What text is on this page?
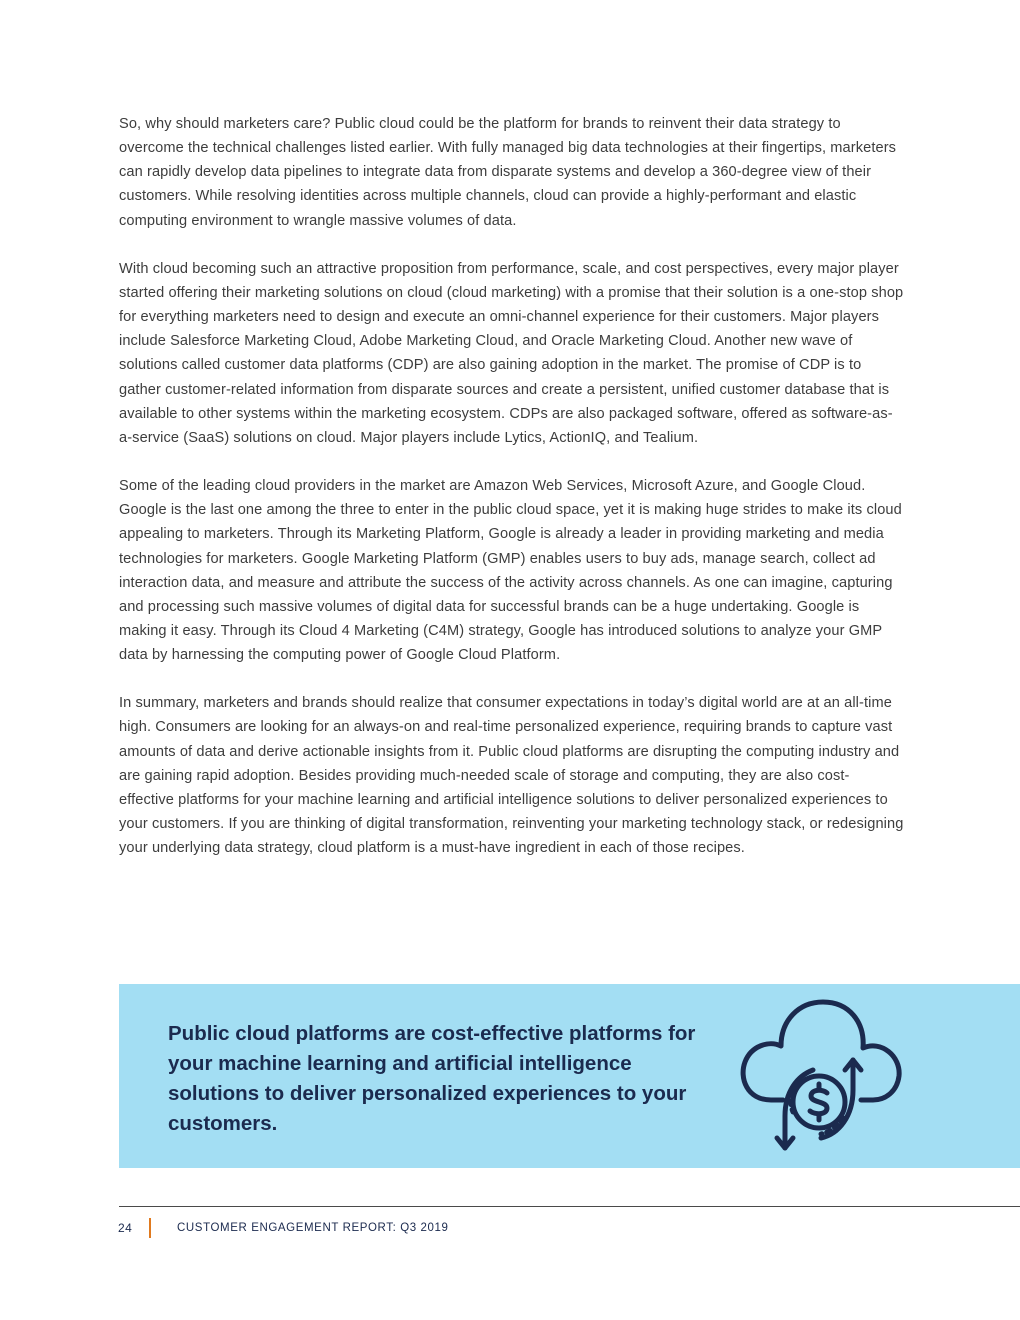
So, why should marketers care? Public cloud could be the platform for brands to reinvent their data strategy to overcome the technical challenges listed earlier. With fully managed big data technologies at their fingertips, marketers can rapidly develop data pipelines to integrate data from disparate systems and develop a 360-degree view of their customers. While resolving identities across multiple channels, cloud can provide a highly-performant and elastic computing environment to wrangle massive volumes of data.

With cloud becoming such an attractive proposition from performance, scale, and cost perspectives, every major player started offering their marketing solutions on cloud (cloud marketing) with a promise that their solution is a one-stop shop for everything marketers need to design and execute an omni-channel experience for their customers. Major players include Salesforce Marketing Cloud, Adobe Marketing Cloud, and Oracle Marketing Cloud. Another new wave of solutions called customer data platforms (CDP) are also gaining adoption in the market. The promise of CDP is to gather customer-related information from disparate sources and create a persistent, unified customer database that is available to other systems within the marketing ecosystem. CDPs are also packaged software, offered as software-as-a-service (SaaS) solutions on cloud. Major players include Lytics, ActionIQ, and Tealium.

Some of the leading cloud providers in the market are Amazon Web Services, Microsoft Azure, and Google Cloud. Google is the last one among the three to enter in the public cloud space, yet it is making huge strides to make its cloud appealing to marketers. Through its Marketing Platform, Google is already a leader in providing marketing and media technologies for marketers. Google Marketing Platform (GMP) enables users to buy ads, manage search, collect ad interaction data, and measure and attribute the success of the activity across channels. As one can imagine, capturing and processing such massive volumes of digital data for successful brands can be a huge undertaking. Google is making it easy. Through its Cloud 4 Marketing (C4M) strategy, Google has introduced solutions to analyze your GMP data by harnessing the computing power of Google Cloud Platform.

In summary, marketers and brands should realize that consumer expectations in today’s digital world are at an all-time high. Consumers are looking for an always-on and real-time personalized experience, requiring brands to capture vast amounts of data and derive actionable insights from it. Public cloud platforms are disrupting the computing industry and are gaining rapid adoption. Besides providing much-needed scale of storage and computing, they are also cost-effective platforms for your machine learning and artificial intelligence solutions to deliver personalized experiences to your customers. If you are thinking of digital transformation, reinventing your marketing technology stack, or redesigning your underlying data strategy, cloud platform is a must-have ingredient in each of those recipes.

Public cloud platforms are cost-effective platforms for your machine learning and artificial intelligence solutions to deliver personalized experiences to your customers.

24	CUSTOMER ENGAGEMENT REPORT: Q3 2019
